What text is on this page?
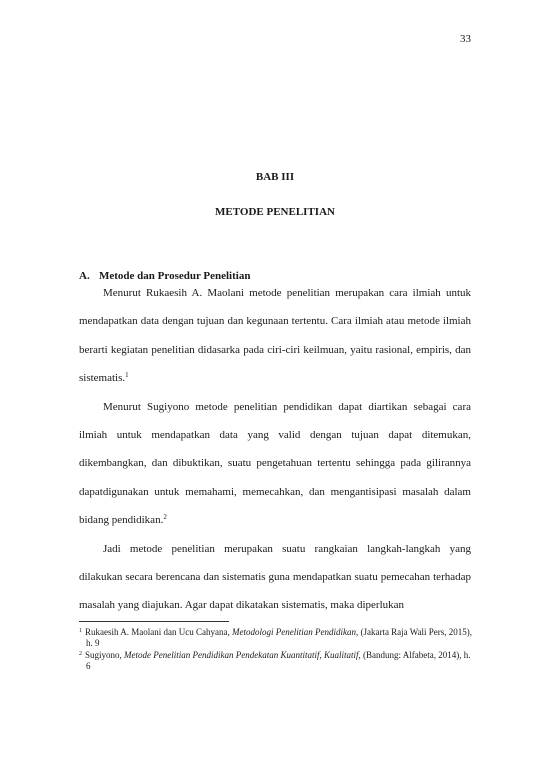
33
BAB III
METODE PENELITIAN
A. Metode dan Prosedur Penelitian

Menurut Rukaesih A. Maolani metode penelitian merupakan cara ilmiah untuk mendapatkan data dengan tujuan dan kegunaan tertentu. Cara ilmiah atau metode ilmiah berarti kegiatan penelitian didasarka pada ciri-ciri keilmuan, yaitu rasional, empiris, dan sistematis.$^1$

Menurut Sugiyono metode penelitian pendidikan dapat diartikan sebagai cara ilmiah untuk mendapatkan data yang valid dengan tujuan dapat ditemukan, dikembangkan, dan dibuktikan, suatu pengetahuan tertentu sehingga pada gilirannya dapatdigunakan untuk memahami, memecahkan, dan mengantisipasi masalah dalam bidang pendidikan.$^2$

Jadi metode penelitian merupakan suatu rangkaian langkah-langkah yang dilakukan secara berencana dan sistematis guna mendapatkan suatu pemecahan terhadap masalah yang diajukan. Agar dapat dikatakan sistematis, maka diperlukan

$^1$ Rukaesih A. Maolani dan Ucu Cahyana, Metodologi Penelitian Pendidikan, (Jakarta Raja Wali Pers, 2015), h. 9

$^2$ Sugiyono, Metode Penelitian Pendidikan Pendekatan Kuantitatif, Kualitatif, (Bandung: Alfabeta, 2014), h. 6
